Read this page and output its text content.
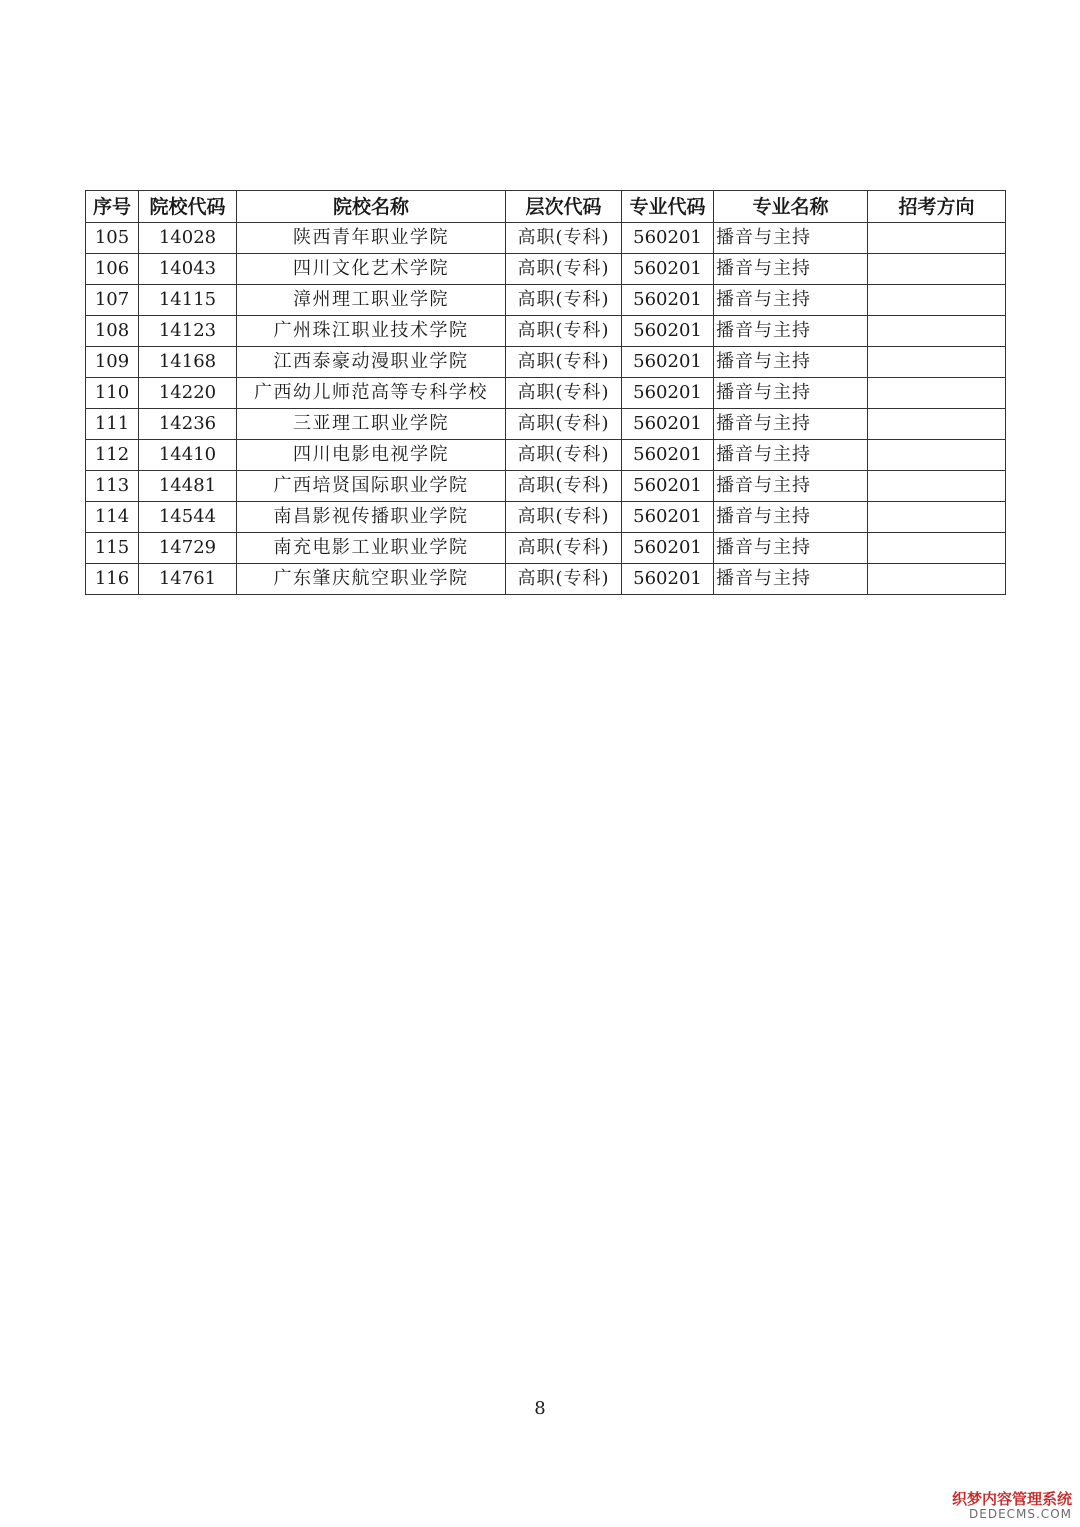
序号	院校代码	院校名称	层次代码	专业代码	专业名称	招考方向
105	14028	陕西青年职业学院	高职(专科)	560201	播音与主持	
106	14043	四川文化艺术学院	高职(专科)	560201	播音与主持	
107	14115	漳州理工职业学院	高职(专科)	560201	播音与主持	
108	14123	广州珠江职业技术学院	高职(专科)	560201	播音与主持	
109	14168	江西泰豪动漫职业学院	高职(专科)	560201	播音与主持	
110	14220	广西幼儿师范高等专科学校	高职(专科)	560201	播音与主持	
111	14236	三亚理工职业学院	高职(专科)	560201	播音与主持	
112	14410	四川电影电视学院	高职(专科)	560201	播音与主持	
113	14481	广西培贤国际职业学院	高职(专科)	560201	播音与主持	
114	14544	南昌影视传播职业学院	高职(专科)	560201	播音与主持	
115	14729	南充电影工业职业学院	高职(专科)	560201	播音与主持	
116	14761	广东肇庆航空职业学院	高职(专科)	560201	播音与主持	
8
织梦内容管理系统
DEDECMS.COM
